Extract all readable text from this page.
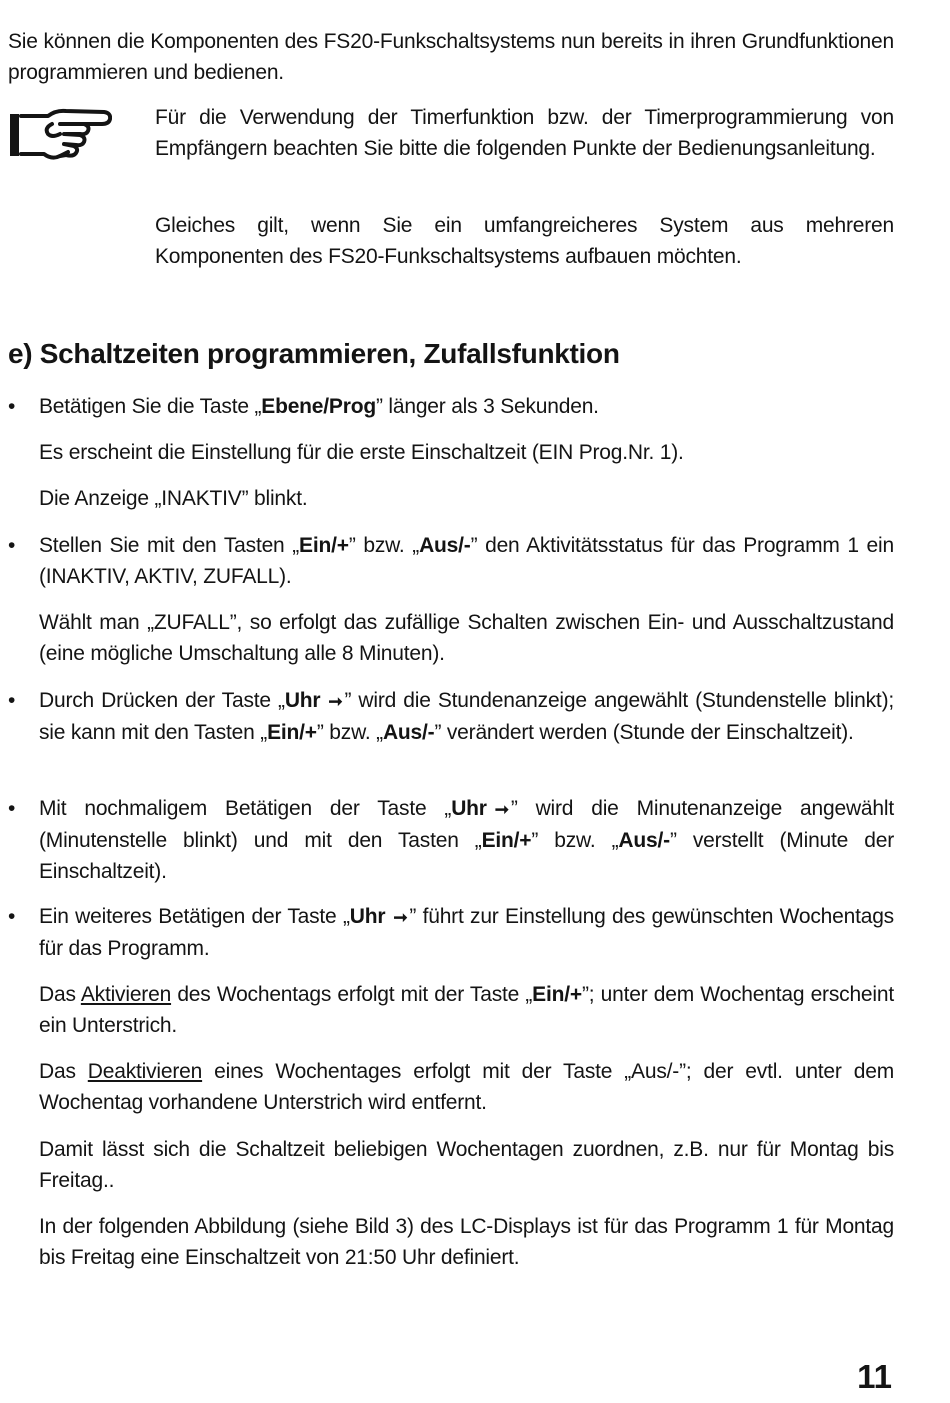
Sie können die Komponenten des FS20-Funkschaltsystems nun bereits in ihren Grundfunktionen programmieren und bedienen.

Für die Verwendung der Timerfunktion bzw. der Timerprogrammierung von Empfängern beachten Sie bitte die folgenden Punkte der Bedienungsanleitung.

Gleiches gilt, wenn Sie ein umfangreicheres System aus mehreren Komponenten des FS20-Funkschaltsystems aufbauen möchten.

e) Schaltzeiten programmieren, Zufallsfunktion
• Betätigen Sie die Taste „Ebene/Prog” länger als 3 Sekunden.

Es erscheint die Einstellung für die erste Einschaltzeit (EIN Prog.Nr. 1).

Die Anzeige „INAKTIV” blinkt.

• Stellen Sie mit den Tasten „Ein/+” bzw. „Aus/-” den Aktivitätsstatus für das Programm 1 ein (INAKTIV, AKTIV, ZUFALL).

Wählt man „ZUFALL”, so erfolgt das zufällige Schalten zwischen Ein- und Ausschaltzustand (eine mögliche Umschaltung alle 8 Minuten).

• Durch Drücken der Taste „Uhr ➞” wird die Stundenanzeige angewählt (Stundenstelle blinkt); sie kann mit den Tasten „Ein/+” bzw. „Aus/-” verändert werden (Stunde der Einschaltzeit).

• Mit nochmaligem Betätigen der Taste „Uhr ➞” wird die Minutenanzeige angewählt (Minutenstelle blinkt) und mit den Tasten „Ein/+” bzw. „Aus/-” verstellt (Minute der Einschaltzeit).

• Ein weiteres Betätigen der Taste „Uhr ➞” führt zur Einstellung des gewünschten Wochentags für das Programm.

Das Aktivieren des Wochentags erfolgt mit der Taste „Ein/+”; unter dem Wochentag erscheint ein Unterstrich.

Das Deaktivieren eines Wochentages erfolgt mit der Taste „Aus/-”; der evtl. unter dem Wochentag vorhandene Unterstrich wird entfernt.

Damit lässt sich die Schaltzeit beliebigen Wochentagen zuordnen, z.B. nur für Montag bis Freitag..

In der folgenden Abbildung (siehe Bild 3) des LC-Displays ist für das Programm 1 für Montag bis Freitag eine Einschaltzeit von 21:50 Uhr definiert.

11
